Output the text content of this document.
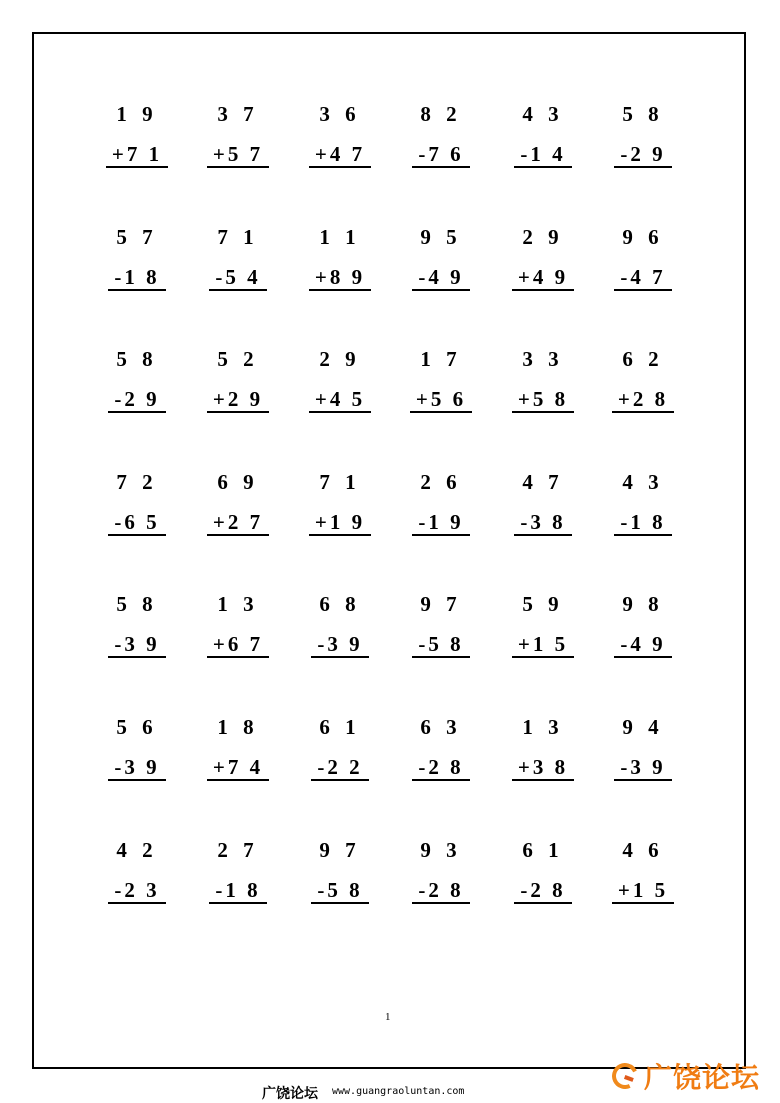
1 9
+7 1
3 7
+5 7
3 6
+4 7
8 2
-7 6
4 3
-1 4
5 8
-2 9
5 7
-1 8
7 1
-5 4
1 1
+8 9
9 5
-4 9
2 9
+4 9
9 6
-4 7
5 8
-2 9
5 2
+2 9
2 9
+4 5
1 7
+5 6
3 3
+5 8
6 2
+2 8
7 2
-6 5
6 9
+2 7
7 1
+1 9
2 6
-1 9
4 7
-3 8
4 3
-1 8
5 8
-3 9
1 3
+6 7
6 8
-3 9
9 7
-5 8
5 9
+1 5
9 8
-4 9
5 6
-3 9
1 8
+7 4
6 1
-2 2
6 3
-2 8
1 3
+3 8
9 4
-3 9
4 2
-2 3
2 7
-1 8
9 7
-5 8
9 3
-2 8
6 1
-2 8
4 6
+1 5
1
广饶论坛 www.guangraoluntan.com	广饶论坛
